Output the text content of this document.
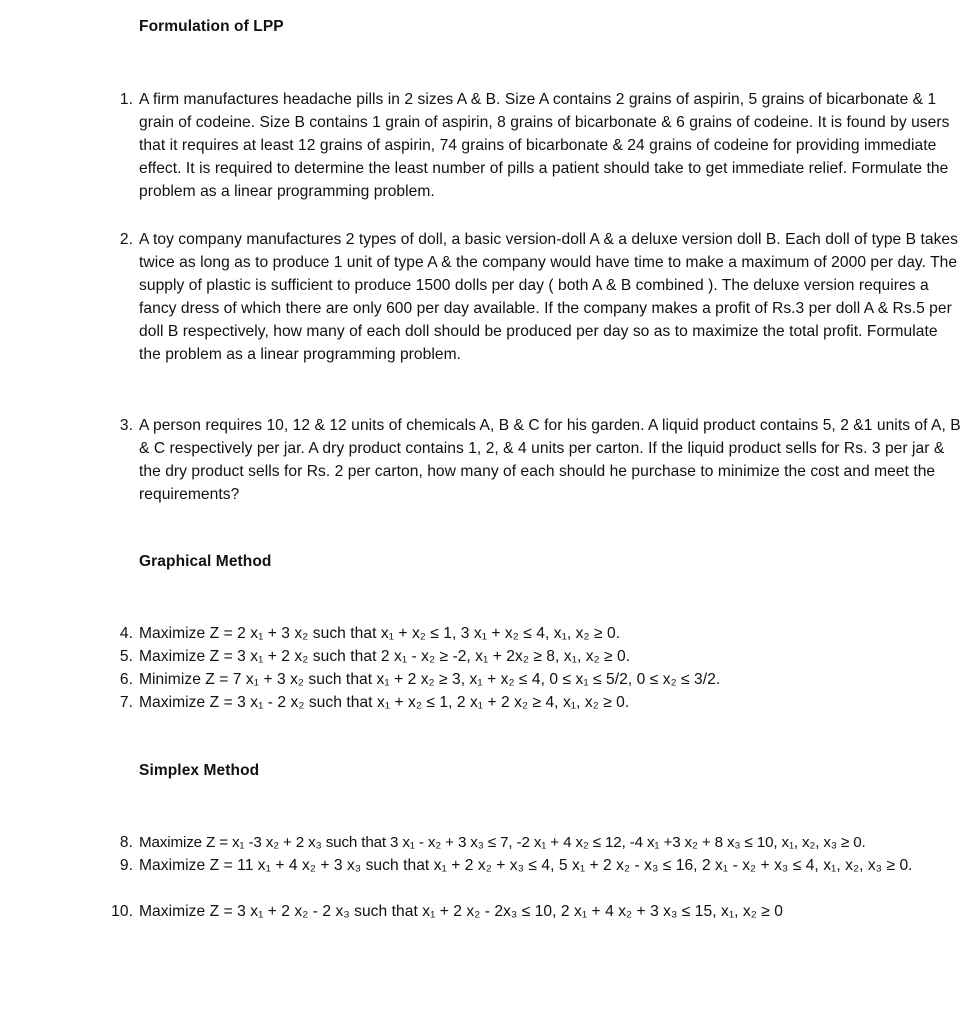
Formulation of LPP
1. A firm manufactures headache pills in 2 sizes A & B. Size A contains 2 grains of aspirin, 5 grains of bicarbonate & 1 grain of codeine. Size B contains 1 grain of aspirin, 8 grains of bicarbonate & 6 grains of codeine. It is found by users that it requires at least 12 grains of aspirin, 74 grains of bicarbonate & 24 grains of codeine for providing immediate effect. It is required to determine the least number of pills a patient should take to get immediate relief. Formulate the problem as a linear programming problem.
2. A toy company manufactures 2 types of doll, a basic version-doll A & a deluxe version doll B. Each doll of type B takes twice as long as to produce 1 unit of type A & the company would have time to make a maximum of 2000 per day. The supply of plastic is sufficient to produce 1500 dolls per day ( both A & B combined ). The deluxe version requires a fancy dress of which there are only 600 per day available. If the company makes a profit of Rs.3 per doll A & Rs.5 per doll B respectively, how many of each doll should be produced per day so as to maximize the total profit. Formulate the problem as a linear programming problem.
3. A person requires 10, 12 & 12 units of chemicals A, B & C for his garden. A liquid product contains 5, 2 &1 units of A, B & C respectively per jar. A dry product contains 1, 2, & 4 units per carton. If the liquid product sells for Rs. 3 per jar & the dry product sells for Rs. 2 per carton, how many of each should he purchase to minimize the cost and meet the requirements?
Graphical Method
4. Maximize Z = 2 x₁ + 3 x₂ such that x₁ + x₂ ≤ 1, 3 x₁ + x₂ ≤ 4, x₁, x₂ ≥ 0.
5. Maximize Z = 3 x₁ + 2 x₂ such that 2 x₁ - x₂ ≥ -2, x₁ + 2x₂ ≥ 8, x₁, x₂ ≥ 0.
6. Minimize Z = 7 x₁ + 3 x₂ such that x₁ + 2 x₂ ≥ 3, x₁ + x₂ ≤ 4, 0 ≤ x₁ ≤ 5/2, 0 ≤ x₂ ≤ 3/2.
7. Maximize Z = 3 x₁ - 2 x₂ such that x₁ + x₂ ≤ 1, 2 x₁ + 2 x₂ ≥ 4, x₁, x₂ ≥ 0.
Simplex Method
8. Maximize Z = x₁ -3 x₂ + 2 x₃ such that 3 x₁ - x₂ + 3 x₃ ≤ 7, -2 x₁ + 4 x₂ ≤ 12, -4 x₁ +3 x₂ + 8 x₃ ≤ 10, x₁, x₂, x₃ ≥ 0.
9. Maximize Z = 11 x₁ + 4 x₂ + 3 x₃ such that x₁ + 2 x₂ + x₃ ≤ 4, 5 x₁ + 2 x₂ - x₃ ≤ 16, 2 x₁ - x₂ + x₃ ≤ 4, x₁, x₂, x₃ ≥ 0.
10. Maximize Z = 3 x₁ + 2 x₂ - 2 x₃ such that x₁ + 2 x₂ - 2x₃ ≤ 10, 2 x₁ + 4 x₂ + 3 x₃ ≤ 15, x₁, x₂ ≥ 0
